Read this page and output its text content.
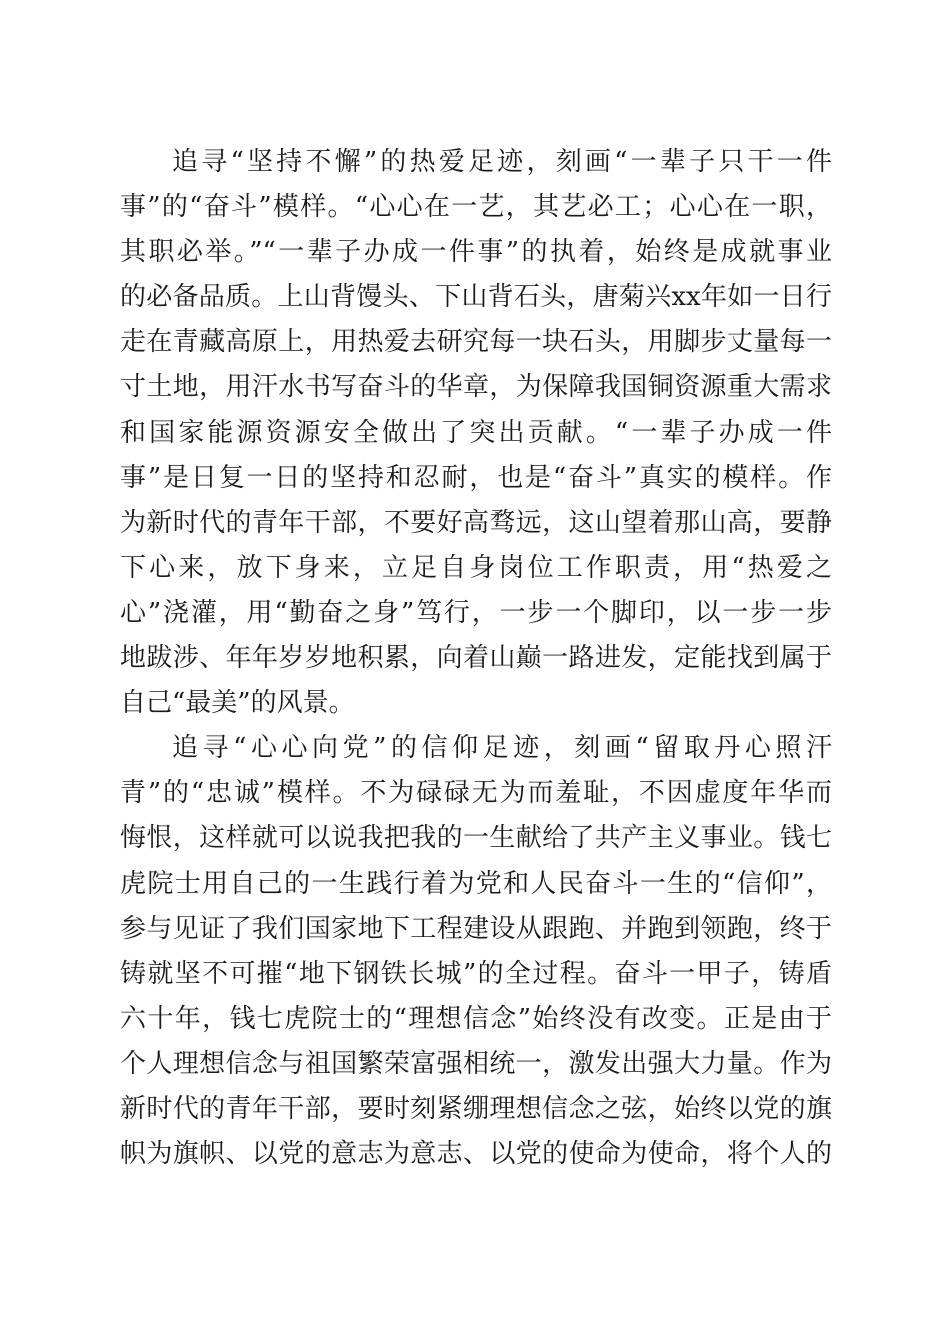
追寻“坚持不懈”的热爱足迹，刻画“一辈子只干一件
事”的“奋斗”模样。“心心在一艺，其艺必工；心心在一职，
其职必举。”“一辈子办成一件事”的执着，始终是成就事业
的必备品质。上山背馒头、下山背石头，唐菊兴xx年如一日行
走在青藏高原上，用热爱去研究每一块石头，用脚步丈量每一
寸土地，用汗水书写奋斗的华章，为保障我国铜资源重大需求
和国家能源资源安全做出了突出贡献。“一辈子办成一件
事”是日复一日的坚持和忍耐，也是“奋斗”真实的模样。作
为新时代的青年干部，不要好高骛远，这山望着那山高，要静
下心来，放下身来，立足自身岗位工作职责，用“热爱之
心”浇灌，用“勤奋之身”笃行，一步一个脚印，以一步一步
地跋涉、年年岁岁地积累，向着山巅一路进发，定能找到属于
自己“最美”的风景。
追寻“心心向党”的信仰足迹，刻画“留取丹心照汗
青”的“忠诚”模样。不为碌碌无为而羞耻，不因虚度年华而
悔恨，这样就可以说我把我的一生献给了共产主义事业。钱七
虎院士用自己的一生践行着为党和人民奋斗一生的“信仰”，
参与见证了我们国家地下工程建设从跟跑、并跑到领跑，终于
铸就坚不可摧“地下钢铁长城”的全过程。奋斗一甲子，铸盾
六十年，钱七虎院士的“理想信念”始终没有改变。正是由于
个人理想信念与祖国繁荣富强相统一，激发出强大力量。作为
新时代的青年干部，要时刻紧绷理想信念之弦，始终以党的旗
帜为旗帜、以党的意志为意志、以党的使命为使命，将个人的
